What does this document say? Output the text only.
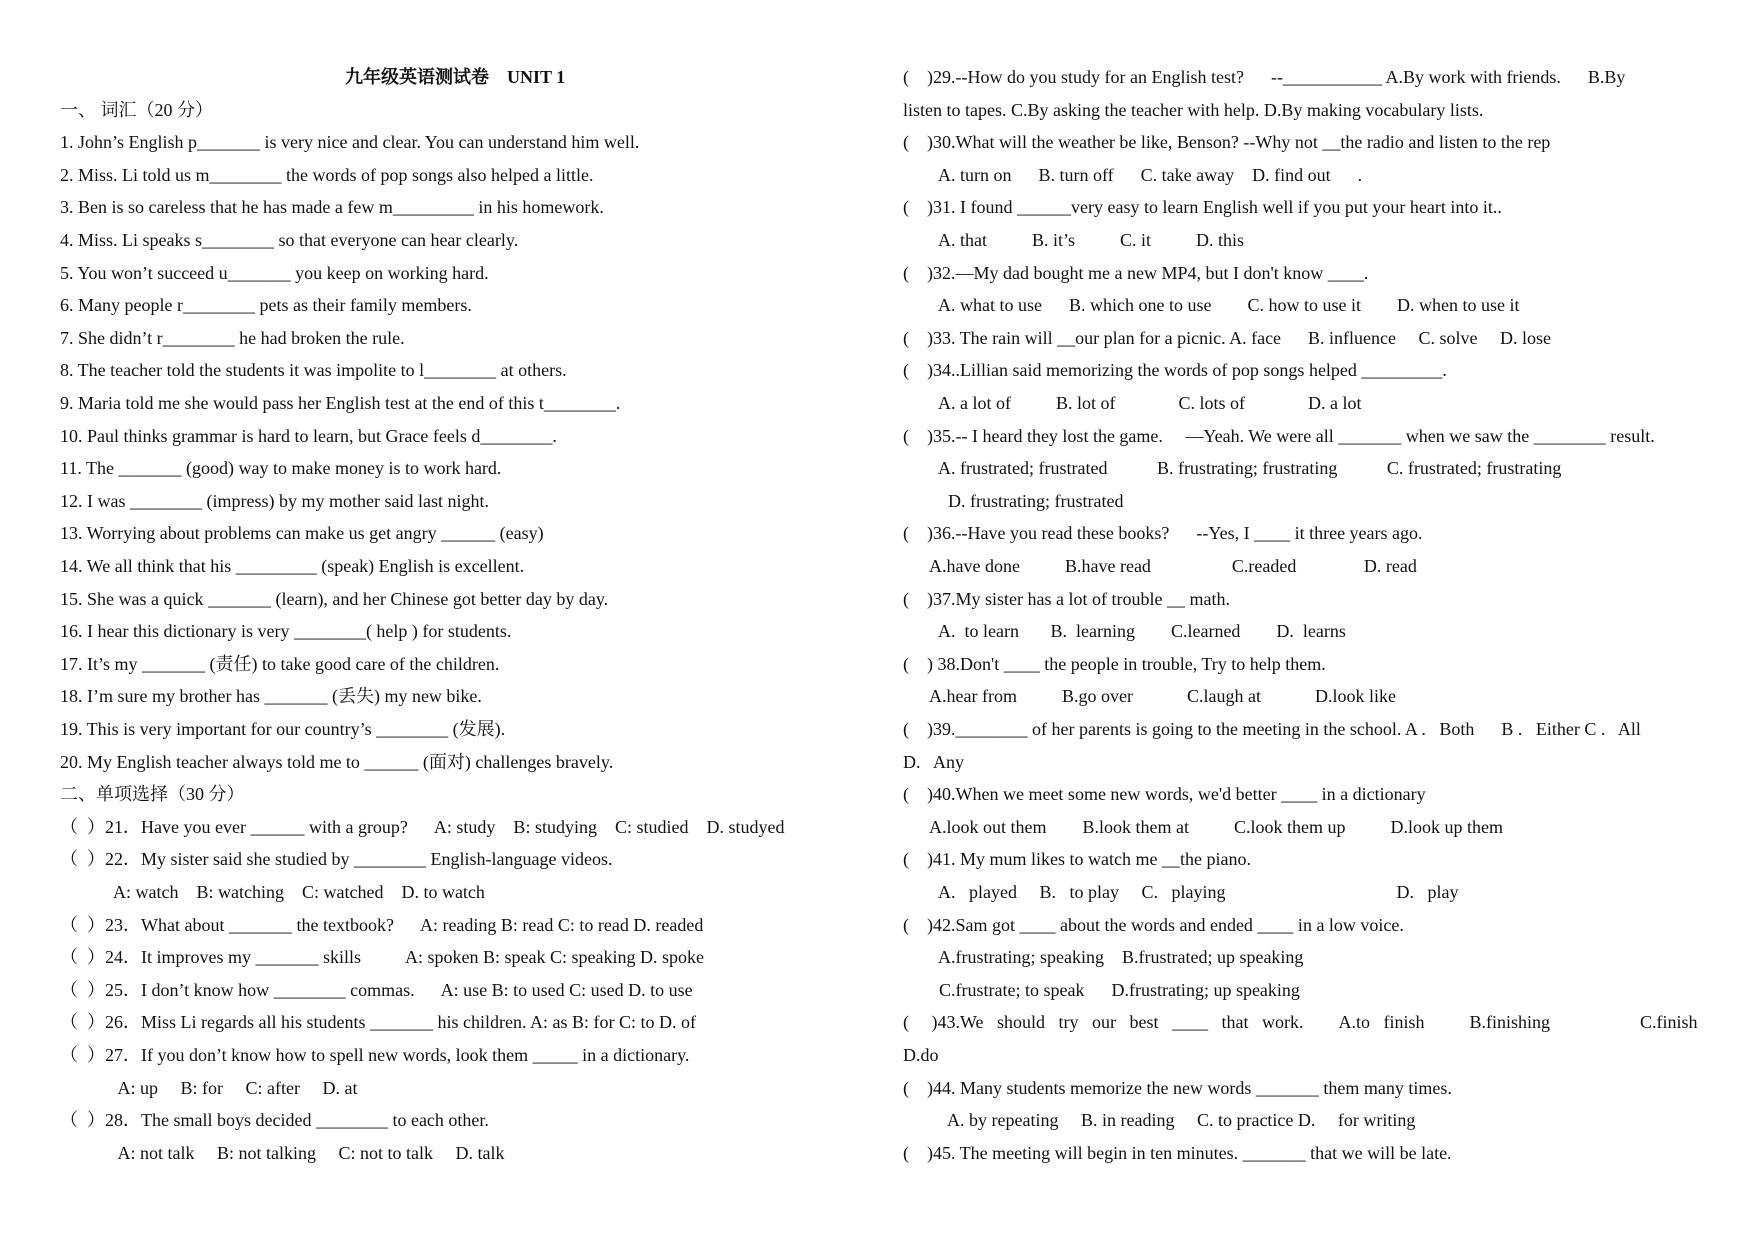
九年级英语测试卷    UNIT 1
一、 词汇（20 分）
1. John’s English p_______ is very nice and clear. You can understand him well.
2. Miss. Li told us m________ the words of pop songs also helped a little.
3. Ben is so careless that he has made a few m_________ in his homework.
4. Miss. Li speaks s________ so that everyone can hear clearly.
5. You won’t succeed u_______ you keep on working hard.
6. Many people r________ pets as their family members.
7. She didn’t r________ he had broken the rule.
8. The teacher told the students it was impolite to l________ at others.
9. Maria told me she would pass her English test at the end of this t________.
10. Paul thinks grammar is hard to learn, but Grace feels d________.
11. The _______ (good) way to make money is to work hard.
12. I was ________ (impress) by my mother said last night.
13. Worrying about problems can make us get angry ______ (easy)
14. We all think that his _________ (speak) English is excellent.
15. She was a quick _______ (learn), and her Chinese got better day by day.
16. I hear this dictionary is very ________( help ) for students.
17. It’s my _______ (责任) to take good care of the children.
18. I’m sure my brother has _______ (丢失) my new bike.
19. This is very important for our country’s ________ (发展).
20. My English teacher always told me to ______ (面对) challenges bravely.
二、单项选择（30 分）
（  ）21．Have you ever ______ with a group?      A: study    B: studying    C: studied    D. studyed
（  ）22．My sister said she studied by ________ English-language videos.
A: watch    B: watching    C: watched    D. to watch
（  ）23．What about _______ the textbook?      A: reading B: read C: to read D. readed
（  ）24．It improves my _______ skills          A: spoken B: speak C: speaking D. spoke
（  ）25．I don’t know how ________ commas.      A: use B: to used C: used D. to use
（  ）26．Miss Li regards all his students _______ his children. A: as B: for C: to D. of
（  ）27．If you don’t know how to spell new words, look them _____ in a dictionary.
A: up     B: for     C: after     D. at
（  ）28．The small boys decided ________ to each other.
A: not talk     B: not talking     C: not to talk     D. talk
(    )29.--How do you study for an English test?      --___________ A.By work with friends.      B.By
listen to tapes. C.By asking the teacher with help. D.By making vocabulary lists.
(    )30.What will the weather be like, Benson? --Why not __the radio and listen to the rep
A. turn on      B. turn off      C. take away    D. find out      .
(    )31. I found ______very easy to learn English well if you put your heart into it..
A. that          B. it’s          C. it          D. this
(    )32.—My dad bought me a new MP4, but I don't know ____.
A. what to use      B. which one to use        C. how to use it        D. when to use it
(    )33. The rain will __our plan for a picnic. A. face      B. influence     C. solve     D. lose
(    )34..Lillian said memorizing the words of pop songs helped _________.
A. a lot of          B. lot of              C. lots of              D. a lot
(    )35.-- I heard they lost the game.     —Yeah. We were all _______ when we saw the ________ result.
A. frustrated; frustrated           B. frustrating; frustrating           C. frustrated; frustrating
D. frustrating; frustrated
(    )36.--Have you read these books?      --Yes, I ____ it three years ago.
A.have done          B.have read                  C.readed               D. read
(    )37.My sister has a lot of trouble __ math.
A.  to learn       B.  learning        C.learned        D.  learns
(    ) 38.Don't ____ the people in trouble, Try to help them.
A.hear from          B.go over            C.laugh at            D.look like
(    )39.________ of her parents is going to the meeting in the school. A .   Both      B .   Either C .   All
D.   Any
(    )40.When we meet some new words, we'd better ____ in a dictionary
A.look out them        B.look them at          C.look them up          D.look up them
(    )41. My mum likes to watch me __the piano.
A.   played     B.   to play     C.   playing                                      D.   play
(    )42.Sam got ____ about the words and ended ____ in a low voice.
A.frustrating; speaking    B.frustrated; up speaking
C.frustrate; to speak      D.frustrating; up speaking
(     )43.We   should   try   our   best   ____   that   work.        A.to   finish          B.finishing                    C.finish
D.do
(    )44. Many students memorize the new words _______ them many times.
A. by repeating     B. in reading     C. to practice D.     for writing
(    )45. The meeting will begin in ten minutes. _______ that we will be late.
